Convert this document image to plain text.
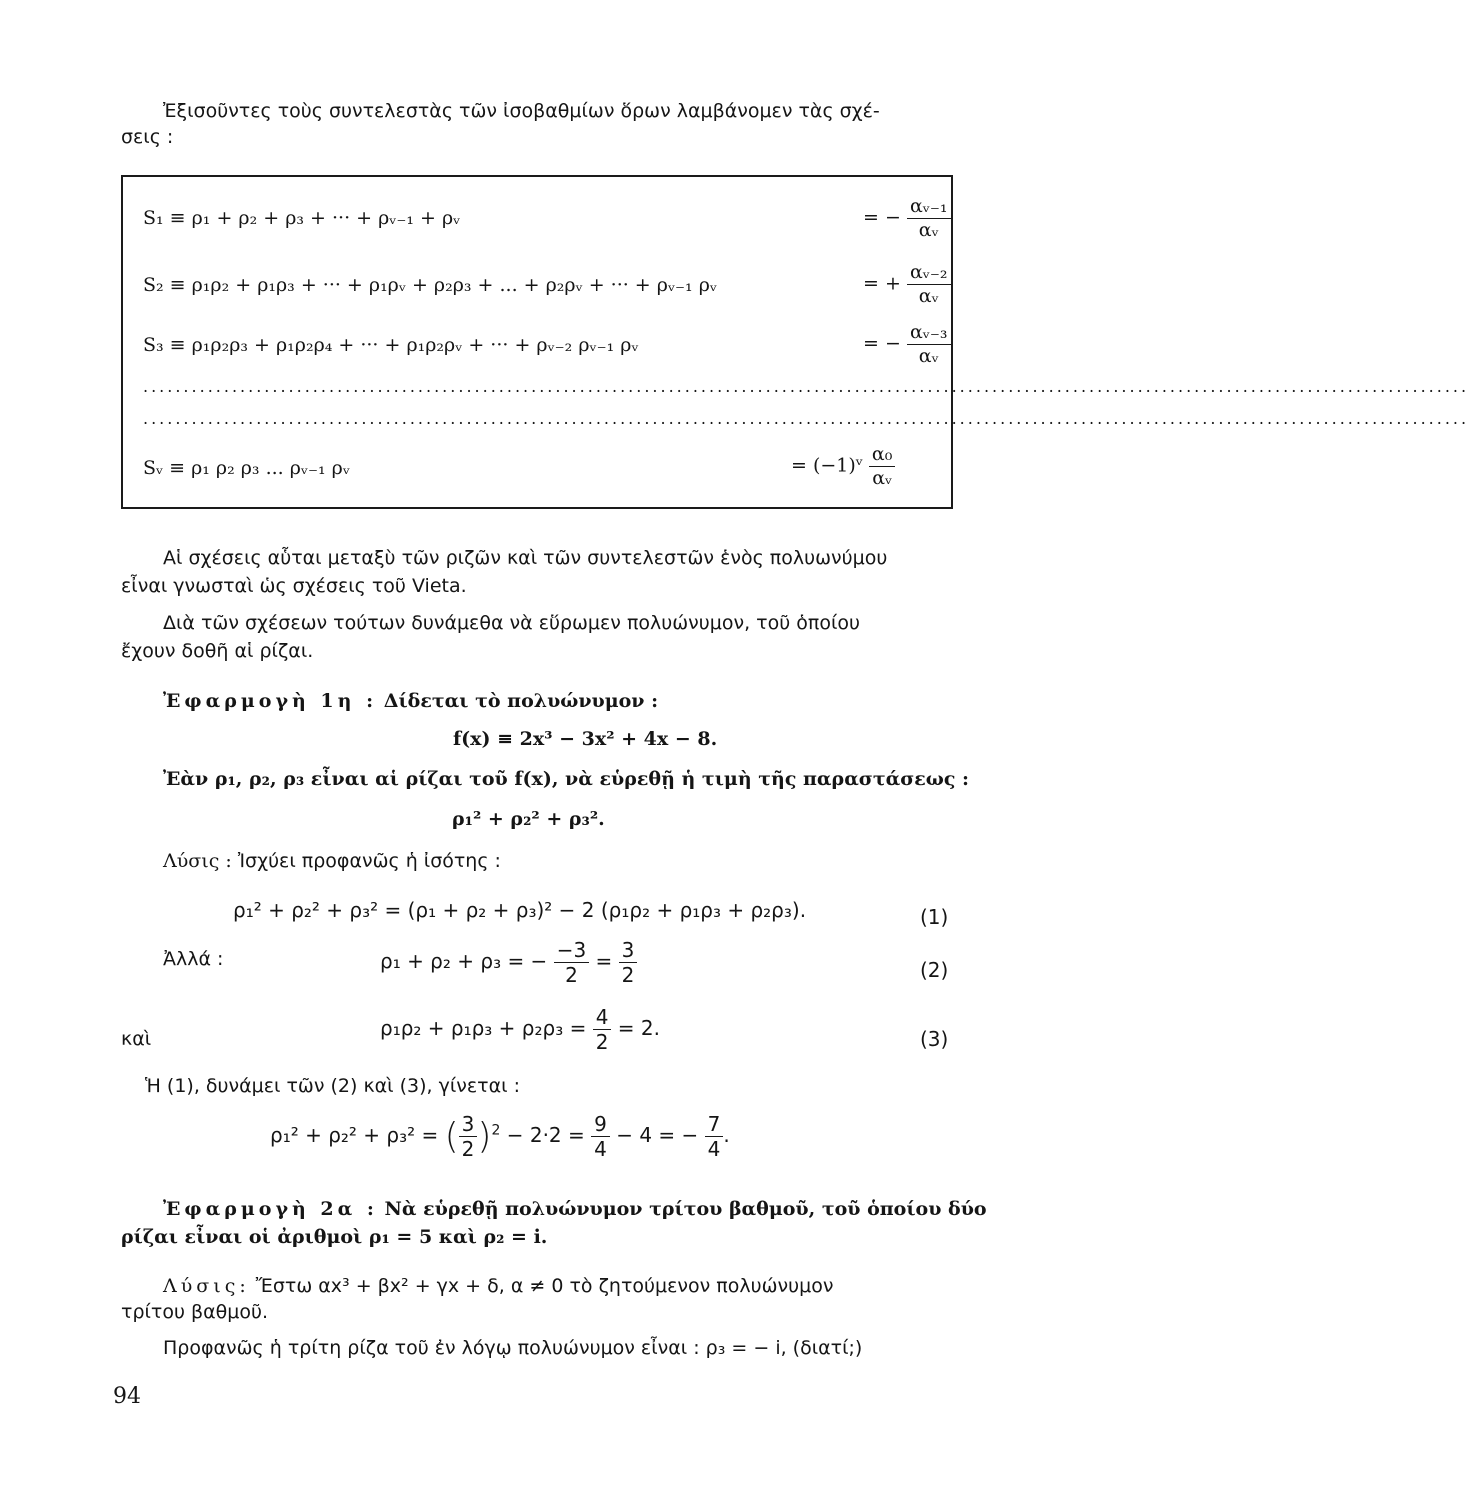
Ἐξισοῦντες τοὺς συντελεστὰς τῶν ἰσοβαθμίων ὅρων λαμβάνομεν τὰς σχέ-
σεις :
S₁ ≡ ρ₁ + ρ₂ + ρ₃ + ··· + ρᵥ₋₁ + ρᵥ	= − $\frac{\text{αᵥ₋₁}}{\text{αᵥ}}$
S₂ ≡ ρ₁ρ₂ + ρ₁ρ₃ + ··· + ρ₁ρᵥ + ρ₂ρ₃ + ... + ρ₂ρᵥ + ··· + ρᵥ₋₁ ρᵥ	= + $\frac{\text{αᵥ₋₂}}{\text{αᵥ}}$
S₃ ≡ ρ₁ρ₂ρ₃ + ρ₁ρ₂ρ₄ + ··· + ρ₁ρ₂ρᵥ + ··· + ρᵥ₋₂ ρᵥ₋₁ ρᵥ	= − $\frac{\text{αᵥ₋₃}}{\text{αᵥ}}$
....................................................................................................................................................................
....................................................................................................................................................................
Sᵥ ≡ ρ₁ ρ₂ ρ₃ ... ρᵥ₋₁ ρᵥ	= (−1)ᵛ $\frac{\text{α₀}}{\text{αᵥ}}$
Αἱ σχέσεις αὗται μεταξὺ τῶν ριζῶν καὶ τῶν συντελεστῶν ἑνὸς πολυωνύμου
εἶναι γνωσταὶ ὡς σχέσεις τοῦ Vieta.
Διὰ τῶν σχέσεων τούτων δυνάμεθα νὰ εὕρωμεν πολυώνυμον, τοῦ ὁποίου
ἔχουν δοθῆ αἱ ρίζαι.
Ἐφαρμογὴ 1η : Δίδεται τὸ πολυώνυμον :
f(x) ≡ 2x³ − 3x² + 4x − 8.
Ἐὰν ρ₁, ρ₂, ρ₃ εἶναι αἱ ρίζαι τοῦ f(x), νὰ εὑρεθῇ ἡ τιμὴ τῆς παραστάσεως :
ρ₁² + ρ₂² + ρ₃².
Λύσις : Ἰσχύει προφανῶς ἡ ἰσότης :
ρ₁² + ρ₂² + ρ₃² = (ρ₁ + ρ₂ + ρ₃)² − 2 (ρ₁ρ₂ + ρ₁ρ₃ + ρ₂ρ₃).	(1)
Ἀλλά :	ρ₁ + ρ₂ + ρ₃ = − $\frac{-3}{2} = \frac{3}{2}$	(2)
καὶ	$\rho_1\rho_2 + \rho_1\rho_3 + \rho_2\rho_3 = \frac{4}{2} = 2$.	(3)
Ἡ (1), δυνάμει τῶν (2) καὶ (3), γίνεται :
ρ₁² + ρ₂² + ρ₃² = ( $\frac{3}{2} )^2 - 2\cdot 2 = \frac{9}{4} - 4$ = − $\frac{7}{4}$ .
Ἐφαρμογὴ 2α : Νὰ εὑρεθῇ πολυώνυμον τρίτου βαθμοῦ, τοῦ ὁποίου δύο
ρίζαι εἶναι οἱ ἀριθμοὶ ρ₁ = 5 καὶ ρ₂ = i.
Λύσις: Ἔστω αx³ + βx² + γx + δ, α ≠ 0 τὸ ζητούμενον πολυώνυμον
τρίτου βαθμοῦ.
Προφανῶς ἡ τρίτη ρίζα τοῦ ἐν λόγῳ πολυώνυμον εἶναι : ρ₃ = − i, (διατί;)
94
